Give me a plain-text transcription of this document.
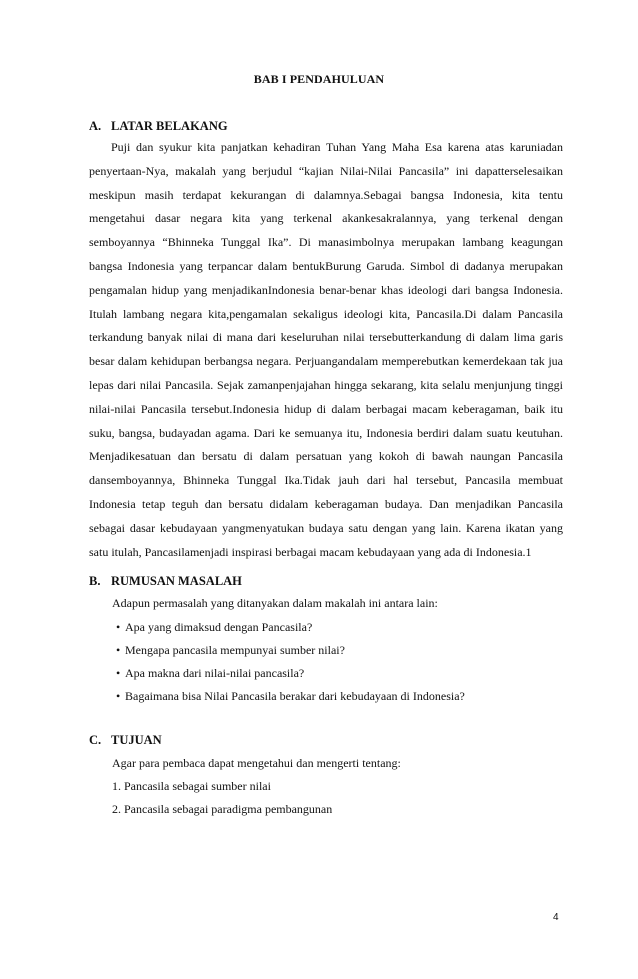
BAB I PENDAHULUAN
A. LATAR BELAKANG

Puji dan syukur kita panjatkan kehadiran Tuhan Yang Maha Esa karena atas karuniadan penyertaan-Nya, makalah yang berjudul “kajian Nilai-Nilai Pancasila” ini dapatterselesaikan meskipun masih terdapat kekurangan di dalamnya.Sebagai bangsa Indonesia, kita tentu mengetahui dasar negara kita yang terkenal akankesakralannya, yang terkenal dengan semboyannya “Bhinneka Tunggal Ika”. Di manasimbolnya merupakan lambang keagungan bangsa Indonesia yang terpancar dalam bentukBurung Garuda. Simbol di dadanya merupakan pengamalan hidup yang menjadikanIndonesia benar-benar khas ideologi dari bangsa Indonesia. Itulah lambang negara kita,pengamalan sekaligus ideologi kita, Pancasila.Di dalam Pancasila terkandung banyak nilai di mana dari keseluruhan nilai tersebutterkandung di dalam lima garis besar dalam kehidupan berbangsa negara. Perjuangandalam memperebutkan kemerdekaan tak jua lepas dari nilai Pancasila. Sejak zamanpenjajahan hingga sekarang, kita selalu menjunjung tinggi nilai-nilai Pancasila tersebut.Indonesia hidup di dalam berbagai macam keberagaman, baik itu suku, bangsa, budayadan agama. Dari ke semuanya itu, Indonesia berdiri dalam suatu keutuhan. Menjadikesatuan dan bersatu di dalam persatuan yang kokoh di bawah naungan Pancasila dansemboyannya, Bhinneka Tunggal Ika.Tidak jauh dari hal tersebut, Pancasila membuat Indonesia tetap teguh dan bersatu didalam keberagaman budaya. Dan menjadikan Pancasila sebagai dasar kebudayaan yangmenyatukan budaya satu dengan yang lain. Karena ikatan yang satu itulah, Pancasilamenjadi inspirasi berbagai macam kebudayaan yang ada di Indonesia.1

B. RUMUSAN MASALAH
Adapun permasalah yang ditanyakan dalam makalah ini antara lain:
• Apa yang dimaksud dengan Pancasila?
• Mengapa pancasila mempunyai sumber nilai?
• Apa makna dari nilai-nilai pancasila?
• Bagaimana bisa Nilai Pancasila berakar dari kebudayaan di Indonesia?
C. TUJUAN
Agar para pembaca dapat mengetahui dan mengerti tentang:
1. Pancasila sebagai sumber nilai
2. Pancasila sebagai paradigma pembangunan
4
